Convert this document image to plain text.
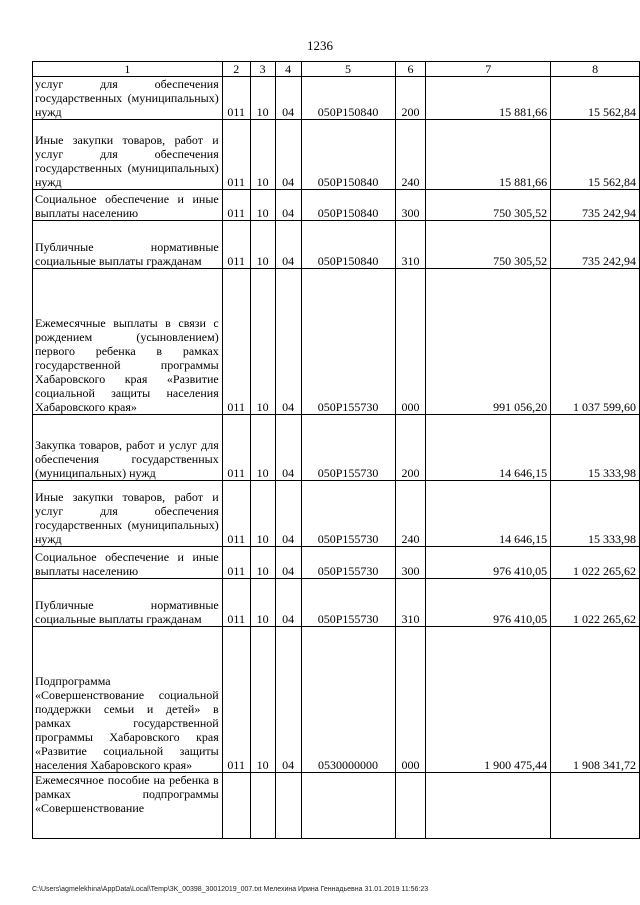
1236
1	2	3	4	5	6	7	8
услуг для обеспечения государственных (муниципальных) нужд	011	10	04	050Р150840	200	15 881,66	15 562,84
Иные закупки товаров, работ и услуг для обеспечения государственных (муниципальных) нужд	011	10	04	050Р150840	240	15 881,66	15 562,84
Социальное обеспечение и иные выплаты населению	011	10	04	050Р150840	300	750 305,52	735 242,94
Публичные нормативные социальные выплаты гражданам	011	10	04	050Р150840	310	750 305,52	735 242,94
Ежемесячные выплаты в связи с рождением (усыновлением) первого ребенка в рамках государственной программы Хабаровского края «Развитие социальной защиты населения Хабаровского края»	011	10	04	050Р155730	000	991 056,20	1 037 599,60
Закупка товаров, работ и услуг для обеспечения государственных (муниципальных) нужд	011	10	04	050Р155730	200	14 646,15	15 333,98
Иные закупки товаров, работ и услуг для обеспечения государственных (муниципальных) нужд	011	10	04	050Р155730	240	14 646,15	15 333,98
Социальное обеспечение и иные выплаты населению	011	10	04	050Р155730	300	976 410,05	1 022 265,62
Публичные нормативные социальные выплаты гражданам	011	10	04	050Р155730	310	976 410,05	1 022 265,62
Подпрограмма «Совершенствование социальной поддержки семьи и детей» в рамках государственной программы Хабаровского края «Развитие социальной защиты населения Хабаровского края»	011	10	04	0530000000	000	1 900 475,44	1 908 341,72
Ежемесячное пособие на ребенка в рамках подпрограммы «Совершенствование							
C:\Users\agmelekhina\AppData\Local\Temp\3K_00398_30012019_007.txt Мелехина Ирина Геннадьевна 31.01.2019 11:56:23
